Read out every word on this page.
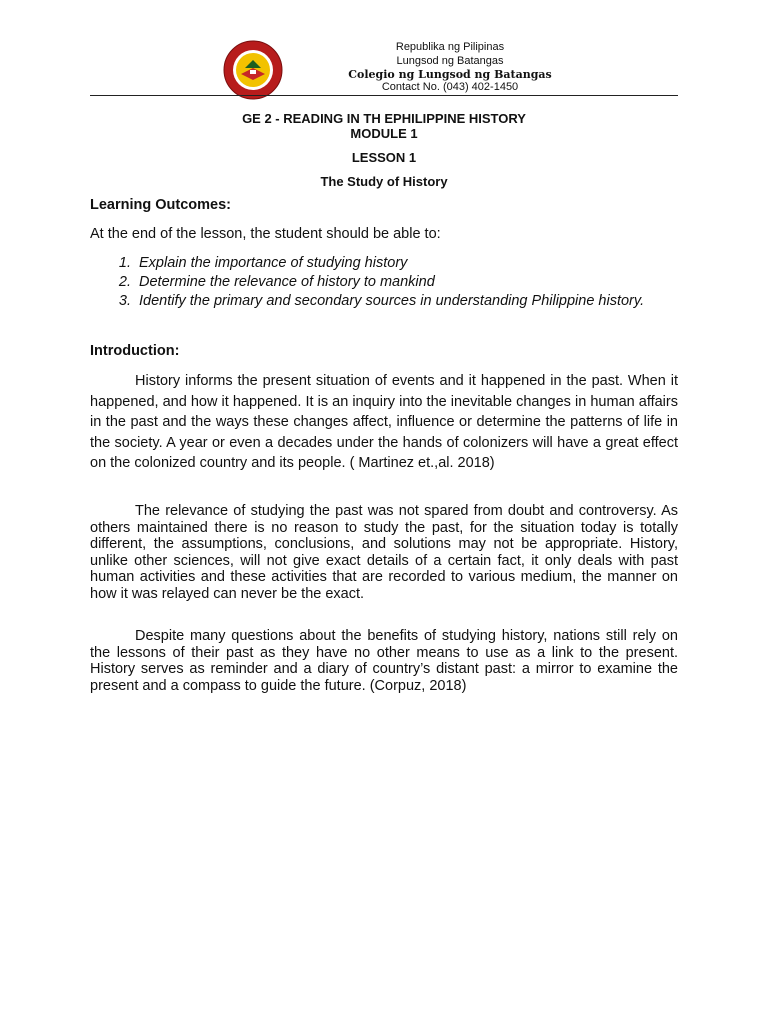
Republika ng Pilipinas
Lungsod ng Batangas
Colegio ng Lungsod ng Batangas
Contact No. (043) 402-1450
GE 2 - READING IN TH EPHILIPPINE HISTORY
MODULE 1
LESSON 1
The Study of History
Learning Outcomes:
At the end of the lesson, the student should be able to:
1. Explain the importance of studying history
2. Determine the relevance of history to mankind
3. Identify the primary and secondary sources in understanding Philippine history.
Introduction:

History informs the present situation of events and it happened in the past. When it happened, and how it happened. It is an inquiry into the inevitable changes in human affairs in the past and the ways these changes affect, influence or determine the patterns of life in the society. A year or even a decades under the hands of colonizers will have a great effect on the colonized country and its people. ( Martinez et.,al. 2018)

The relevance of studying the past was not spared from doubt and controversy. As others maintained there is no reason to study the past, for the situation today is totally different, the assumptions, conclusions, and solutions may not be appropriate. History, unlike other sciences, will not give exact details of a certain fact, it only deals with past human activities and these activities that are recorded to various medium, the manner on how it was relayed can never be the exact.

Despite many questions about the benefits of studying history, nations still rely on the lessons of their past as they have no other means to use as a link to the present. History serves as reminder and a diary of country’s distant past: a mirror to examine the present and a compass to guide the future. (Corpuz, 2018)
